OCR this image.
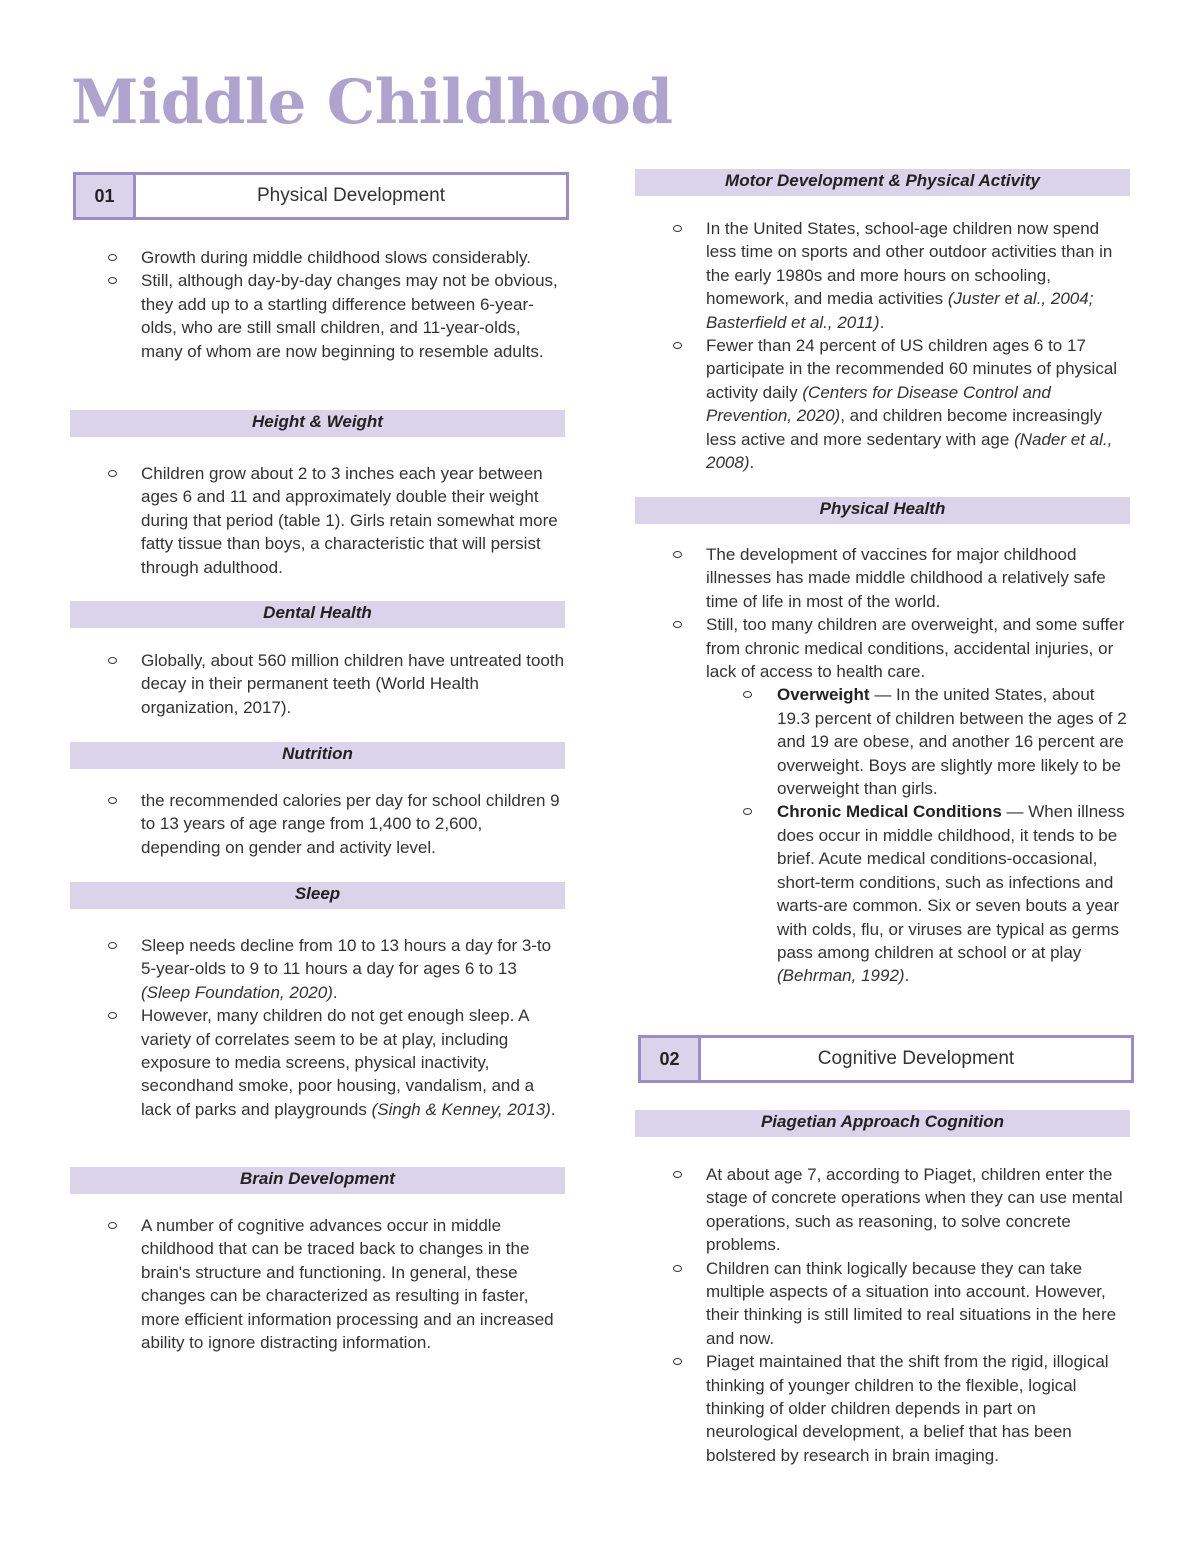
Middle Childhood
01	Physical Development
Growth during middle childhood slows considerably.
Still, although day-by-day changes may not be obvious, they add up to a startling difference between 6-year-olds, who are still small children, and 11-year-olds, many of whom are now beginning to resemble adults.
Height & Weight
Children grow about 2 to 3 inches each year between ages 6 and 11 and approximately double their weight during that period (table 1). Girls retain somewhat more fatty tissue than boys, a characteristic that will persist through adulthood.
Dental Health
Globally, about 560 million children have untreated tooth decay in their permanent teeth (World Health organization, 2017).
Nutrition
the recommended calories per day for school children 9 to 13 years of age range from 1,400 to 2,600, depending on gender and activity level.
Sleep
Sleep needs decline from 10 to 13 hours a day for 3-to 5-year-olds to 9 to 11 hours a day for ages 6 to 13 (Sleep Foundation, 2020).
However, many children do not get enough sleep. A variety of correlates seem to be at play, including exposure to media screens, physical inactivity, secondhand smoke, poor housing, vandalism, and a lack of parks and playgrounds (Singh & Kenney, 2013).
Brain Development
A number of cognitive advances occur in middle childhood that can be traced back to changes in the brain's structure and functioning. In general, these changes can be characterized as resulting in faster, more efficient information processing and an increased ability to ignore distracting information.
Motor Development & Physical Activity
In the United States, school-age children now spend less time on sports and other outdoor activities than in the early 1980s and more hours on schooling, homework, and media activities (Juster et al., 2004; Basterfield et al., 2011).
Fewer than 24 percent of US children ages 6 to 17 participate in the recommended 60 minutes of physical activity daily (Centers for Disease Control and Prevention, 2020), and children become increasingly less active and more sedentary with age (Nader et al., 2008).
Physical Health
The development of vaccines for major childhood illnesses has made middle childhood a relatively safe time of life in most of the world.
Still, too many children are overweight, and some suffer from chronic medical conditions, accidental injuries, or lack of access to health care.
Overweight — In the united States, about 19.3 percent of children between the ages of 2 and 19 are obese, and another 16 percent are overweight. Boys are slightly more likely to be overweight than girls.
Chronic Medical Conditions — When illness does occur in middle childhood, it tends to be brief. Acute medical conditions-occasional, short-term conditions, such as infections and warts-are common. Six or seven bouts a year with colds, flu, or viruses are typical as germs pass among children at school or at play (Behrman, 1992).
02	Cognitive Development
Piagetian Approach Cognition
At about age 7, according to Piaget, children enter the stage of concrete operations when they can use mental operations, such as reasoning, to solve concrete problems.
Children can think logically because they can take multiple aspects of a situation into account. However, their thinking is still limited to real situations in the here and now.
Piaget maintained that the shift from the rigid, illogical thinking of younger children to the flexible, logical thinking of older children depends in part on neurological development, a belief that has been bolstered by research in brain imaging.
